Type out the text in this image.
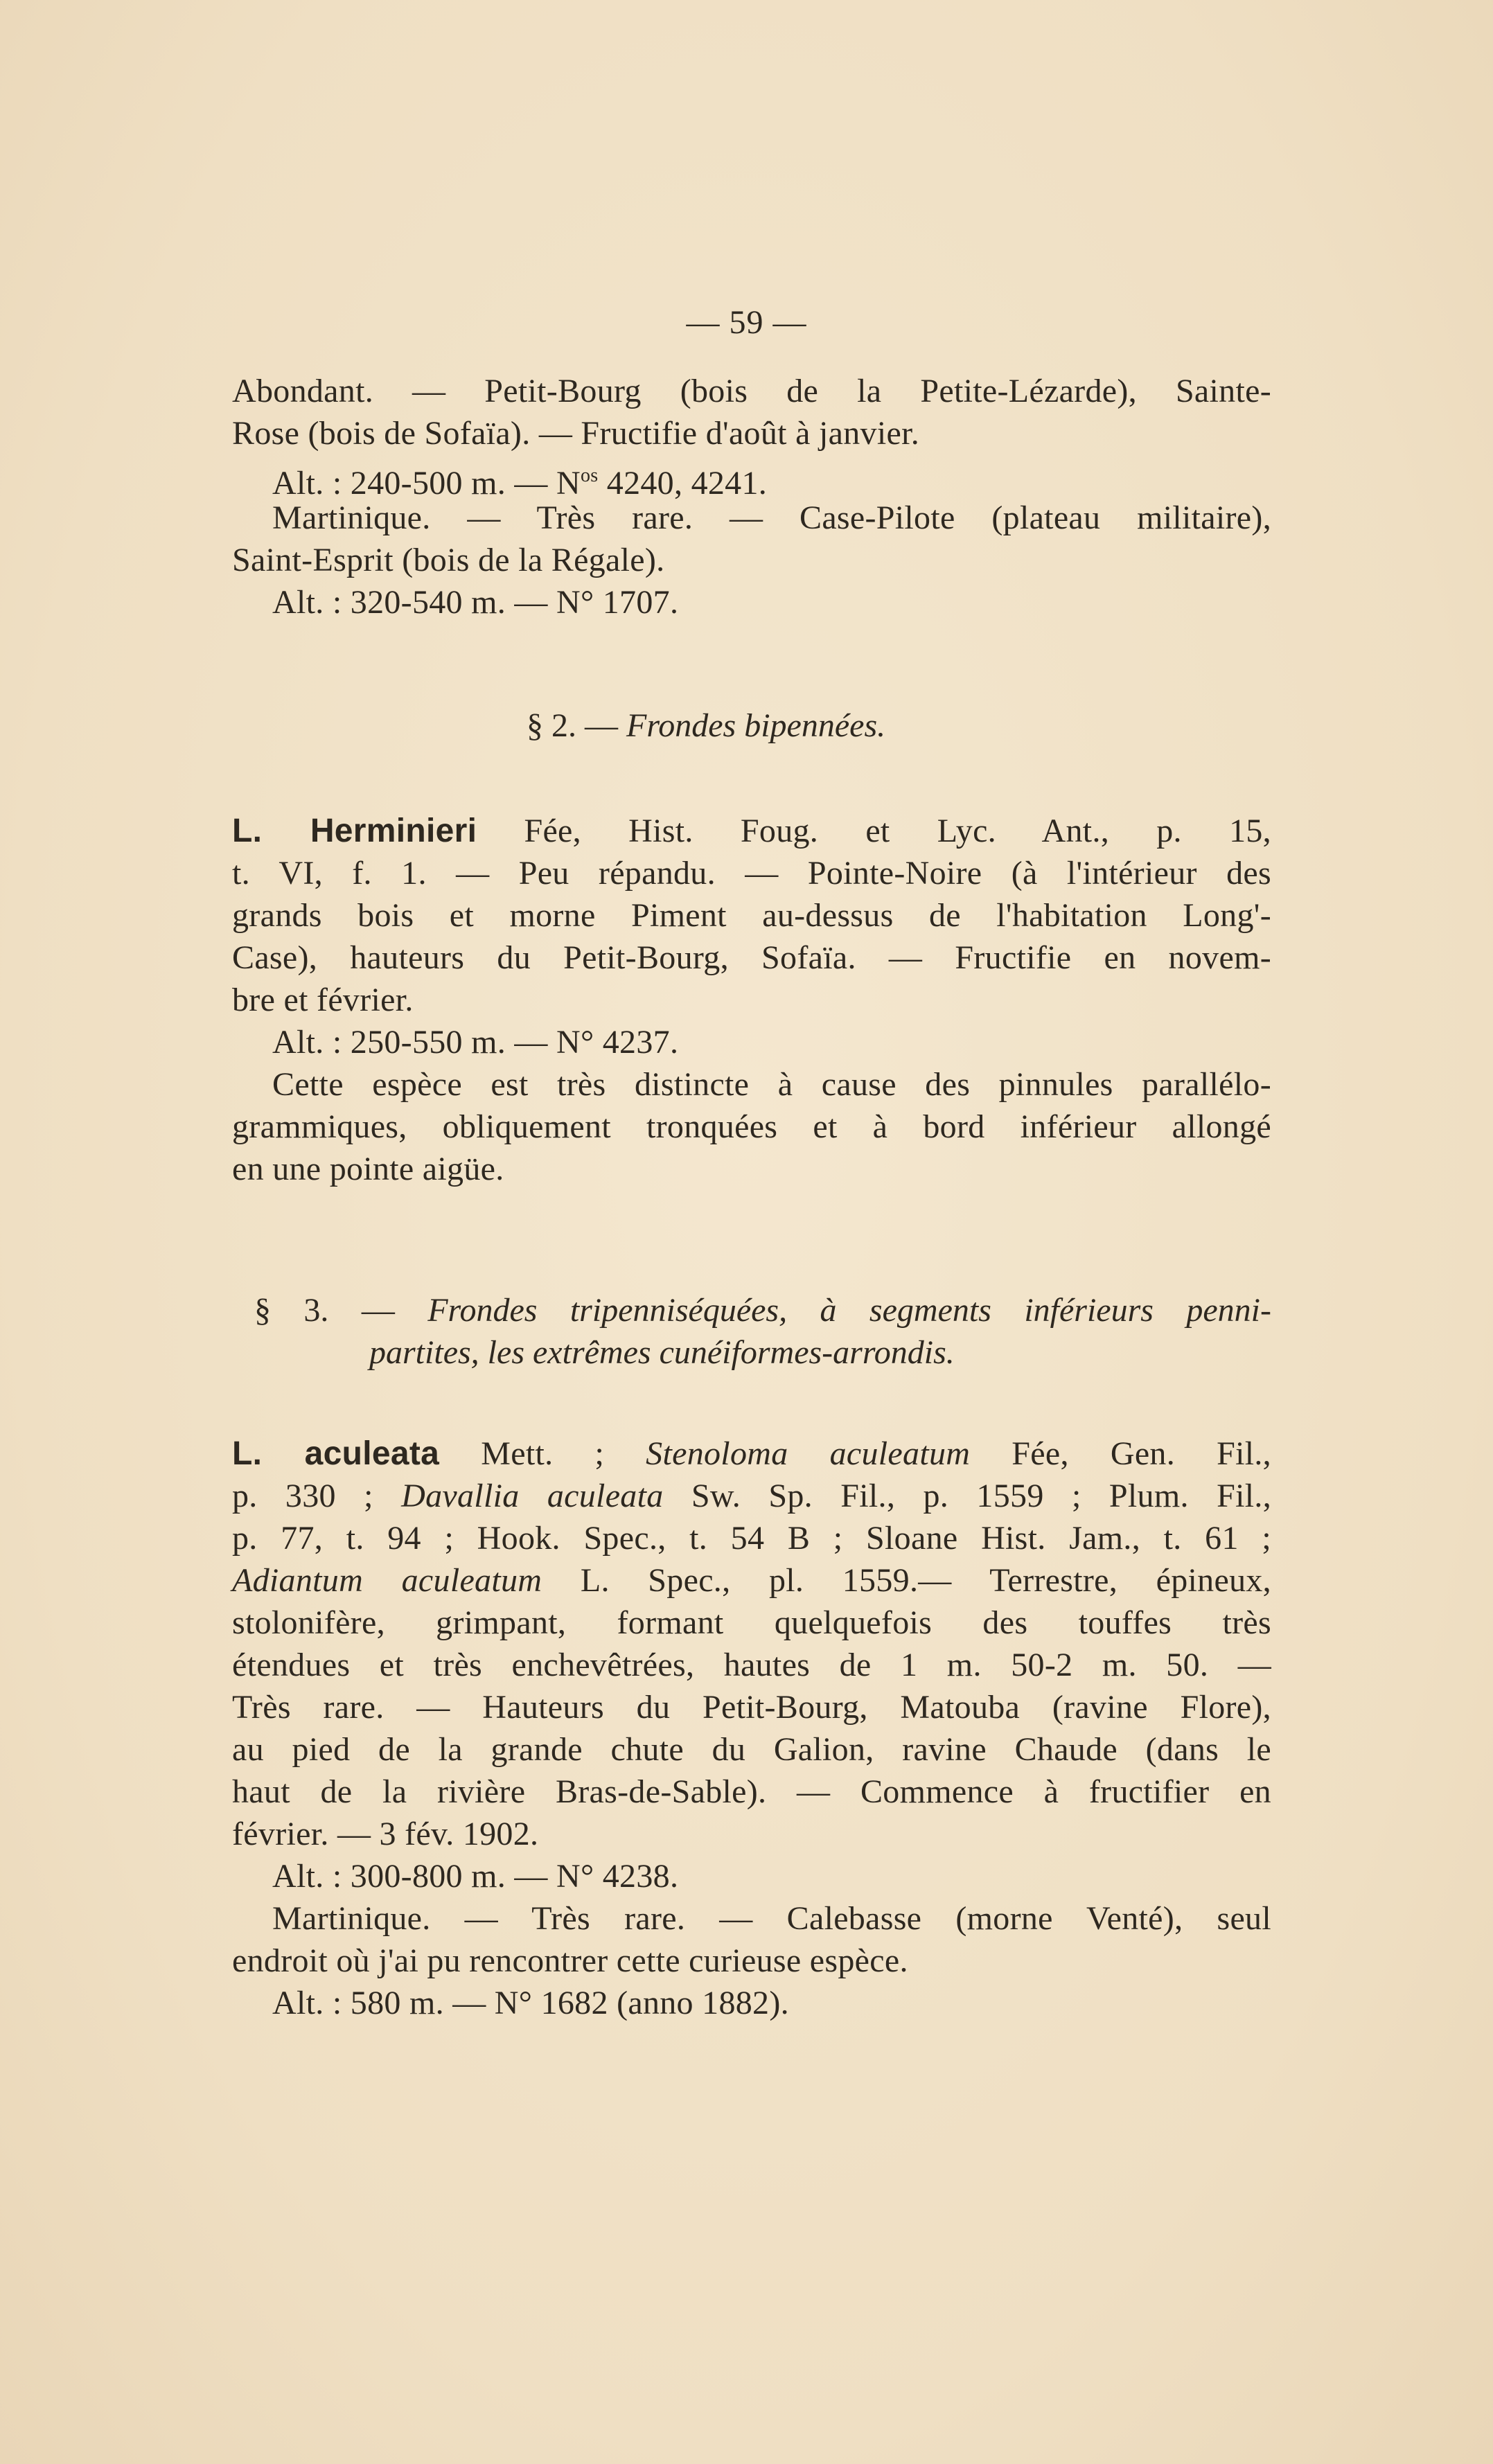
— 59 —
Abondant. — Petit-Bourg (bois de la Petite-Lézarde), Sainte-
Rose (bois de Sofaïa). — Fructifie d'août à janvier.
Alt. : 240-500 m. — $N^{os}$ 4240, 4241.
Martinique. — Très rare. — Case-Pilote (plateau militaire),
Saint-Esprit (bois de la Régale).
Alt. : 320-540 m. — N° 1707.
§ 2. — Frondes bipennées.
L. Herminieri Fée, Hist. Foug. et Lyc. Ant., p. 15,
t. VI, f. 1. — Peu répandu. — Pointe-Noire (à l'intérieur des
grands bois et morne Piment au-dessus de l'habitation Long'-
Case), hauteurs du Petit-Bourg, Sofaïa. — Fructifie en novem-
bre et février.
Alt. : 250-550 m. — N° 4237.
Cette espèce est très distincte à cause des pinnules parallélo-
grammiques, obliquement tronquées et à bord inférieur allongé
en une pointe aigüe.
§ 3. — Frondes tripenniséquées, à segments inférieurs penni-
partites, les extrêmes cunéiformes-arrondis.
L. aculeata Mett. ; Stenoloma aculeatum Fée, Gen. Fil.,
p. 330 ; Davallia aculeata Sw. Sp. Fil., p. 1559 ; Plum. Fil.,
p. 77, t. 94 ; Hook. Spec., t. 54 B ; Sloane Hist. Jam., t. 61 ;
Adiantum aculeatum L. Spec., pl. 1559.— Terrestre, épineux,
stolonifère, grimpant, formant quelquefois des touffes très
étendues et très enchevêtrées, hautes de 1 m. 50-2 m. 50. —
Très rare. — Hauteurs du Petit-Bourg, Matouba (ravine Flore),
au pied de la grande chute du Galion, ravine Chaude (dans le
haut de la rivière Bras-de-Sable). — Commence à fructifier en
février. — 3 fév. 1902.
Alt. : 300-800 m. — N° 4238.
Martinique. — Très rare. — Calebasse (morne Venté), seul
endroit où j'ai pu rencontrer cette curieuse espèce.
Alt. : 580 m. — N° 1682 (anno 1882).
